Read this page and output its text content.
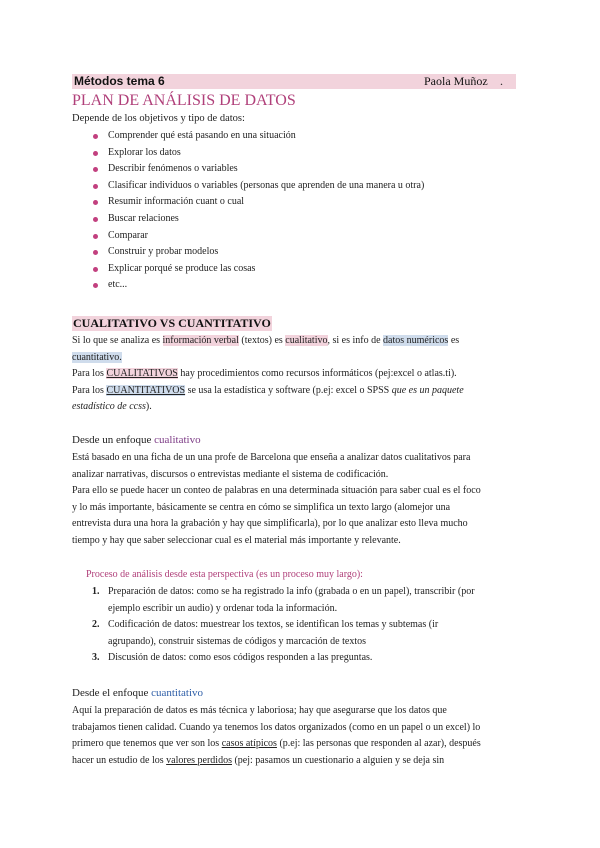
Métodos tema 6	Paola Muñoz .
PLAN DE ANÁLISIS DE DATOS
Depende de los objetivos y tipo de datos:
Comprender qué está pasando en una situación
Explorar los datos
Describir fenómenos o variables
Clasificar individuos o variables (personas que aprenden de una manera u otra)
Resumir información cuant o cual
Buscar relaciones
Comparar
Construir y probar modelos
Explicar porqué se produce las cosas
etc...
CUALITATIVO VS CUANTITATIVO
Si lo que se analiza es información verbal (textos) es cualitativo, si es info de datos numéricos es
cuantitativo.
Para los CUALITATIVOS hay procedimientos como recursos informáticos (pej:excel o atlas.ti).
Para los CUANTITATIVOS se usa la estadística y software (p.ej: excel o SPSS que es un paquete
estadístico de ccss).
Desde un enfoque cualitativo
Está basado en una ficha de un una profe de Barcelona que enseña a analizar datos cualitativos para
analizar narrativas, discursos o entrevistas mediante el sistema de codificación.
Para ello se puede hacer un conteo de palabras en una determinada situación para saber cual es el foco
y lo más importante, básicamente se centra en cómo se simplifica un texto largo (alomejor una
entrevista dura una hora la grabación y hay que simplificarla), por lo que analizar esto lleva mucho
tiempo y hay que saber seleccionar cual es el material más importante y relevante.
Proceso de análisis desde esta perspectiva (es un proceso muy largo):
1. Preparación de datos: como se ha registrado la info (grabada o en un papel), transcribir (por
ejemplo escribir un audio) y ordenar toda la información.
2. Codificación de datos: muestrear los textos, se identifican los temas y subtemas (ir
agrupando), construir sistemas de códigos y marcación de textos
3. Discusión de datos: como esos códigos responden a las preguntas.
Desde el enfoque cuantitativo
Aquí la preparación de datos es más técnica y laboriosa; hay que asegurarse que los datos que
trabajamos tienen calidad. Cuando ya tenemos los datos organizados (como en un papel o un excel) lo
primero que tenemos que ver son los casos atípicos (p.ej: las personas que responden al azar), después
hacer un estudio de los valores perdidos (pej: pasamos un cuestionario a alguien y se deja sin
